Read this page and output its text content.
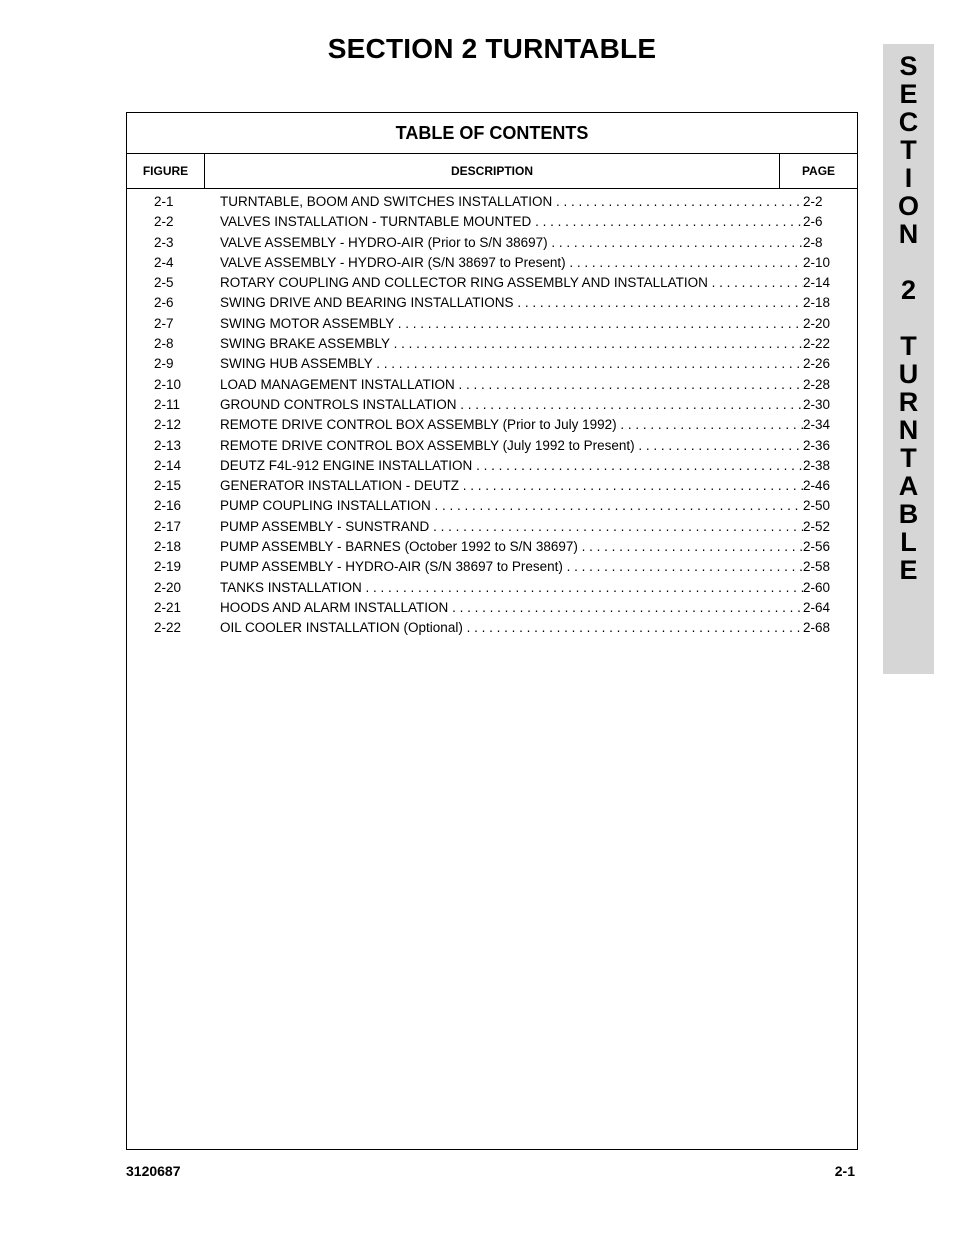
SECTION 2 TURNTABLE
S
E
C
T
I
O
N
2
T
U
R
N
T
A
B
L
E
TABLE OF CONTENTS
FIGURE	DESCRIPTION	PAGE
2-1	TURNTABLE, BOOM AND SWITCHES INSTALLATION . . .	2-2
2-2	VALVES INSTALLATION - TURNTABLE MOUNTED . . .	2-6
2-3	VALVE ASSEMBLY - HYDRO-AIR (Prior to S/N 38697) . . .	2-8
2-4	VALVE ASSEMBLY - HYDRO-AIR (S/N 38697 to Present) . . .	2-10
2-5	ROTARY COUPLING AND COLLECTOR RING ASSEMBLY AND INSTALLATION . . .	2-14
2-6	SWING DRIVE AND BEARING INSTALLATIONS . . .	2-18
2-7	SWING MOTOR ASSEMBLY . . .	2-20
2-8	SWING BRAKE ASSEMBLY . . .	2-22
2-9	SWING HUB ASSEMBLY . . .	2-26
2-10	LOAD MANAGEMENT INSTALLATION . . .	2-28
2-11	GROUND CONTROLS INSTALLATION . . .	2-30
2-12	REMOTE DRIVE CONTROL BOX ASSEMBLY (Prior to July 1992) . . .	2-34
2-13	REMOTE DRIVE CONTROL BOX ASSEMBLY (July 1992 to Present) . . .	2-36
2-14	DEUTZ F4L-912 ENGINE INSTALLATION . . .	2-38
2-15	GENERATOR INSTALLATION - DEUTZ . . .	2-46
2-16	PUMP COUPLING INSTALLATION . . .	2-50
2-17	PUMP ASSEMBLY - SUNSTRAND . . .	2-52
2-18	PUMP ASSEMBLY - BARNES (October 1992 to S/N 38697) . . .	2-56
2-19	PUMP ASSEMBLY - HYDRO-AIR (S/N 38697 to Present) . . .	2-58
2-20	TANKS INSTALLATION . . .	2-60
2-21	HOODS AND ALARM INSTALLATION . . .	2-64
2-22	OIL COOLER INSTALLATION (Optional) . . .	2-68
3120687	2-1
